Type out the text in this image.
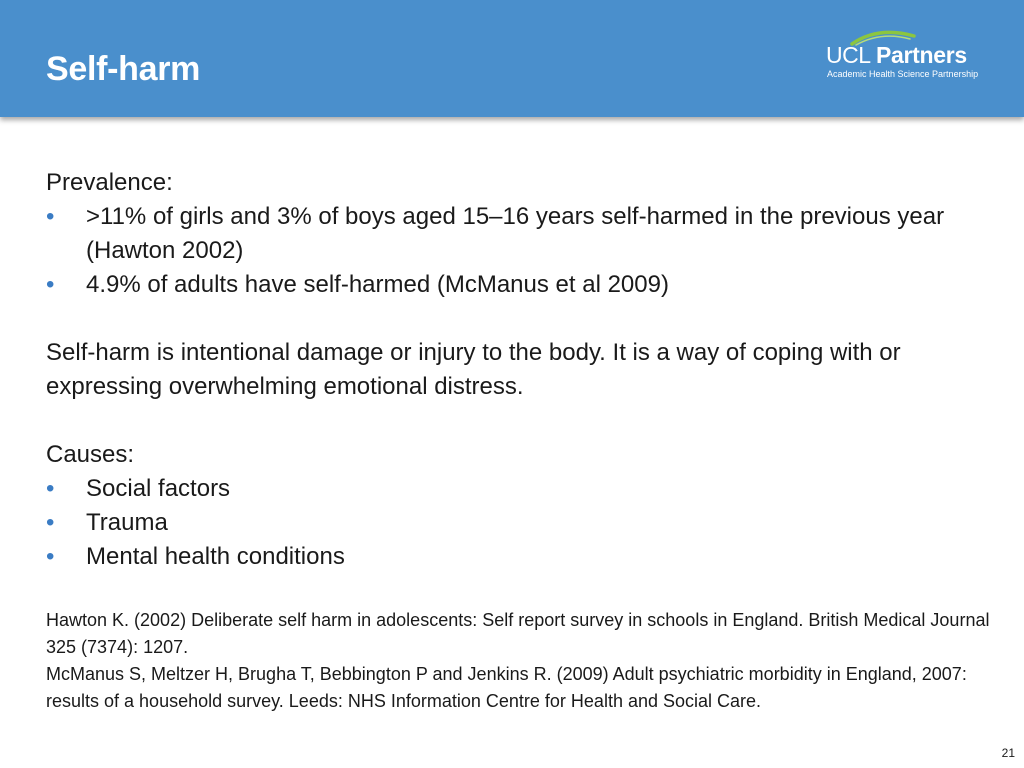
Self-harm	UCL Partners
Academic Health Science Partnership

Prevalence:

• >11% of girls and 3% of boys aged 15–16 years self-harmed in the previous year (Hawton 2002)
• 4.9% of adults have self-harmed (McManus et al 2009)

Self-harm is intentional damage or injury to the body. It is a way of coping with or expressing overwhelming emotional distress.

Causes:

• Social factors
• Trauma
• Mental health conditions

Hawton K. (2002) Deliberate self harm in adolescents: Self report survey in schools in England. British Medical Journal 325 (7374): 1207.

McManus S, Meltzer H, Brugha T, Bebbington P and Jenkins R. (2009) Adult psychiatric morbidity in England, 2007: results of a household survey. Leeds: NHS Information Centre for Health and Social Care.

21
